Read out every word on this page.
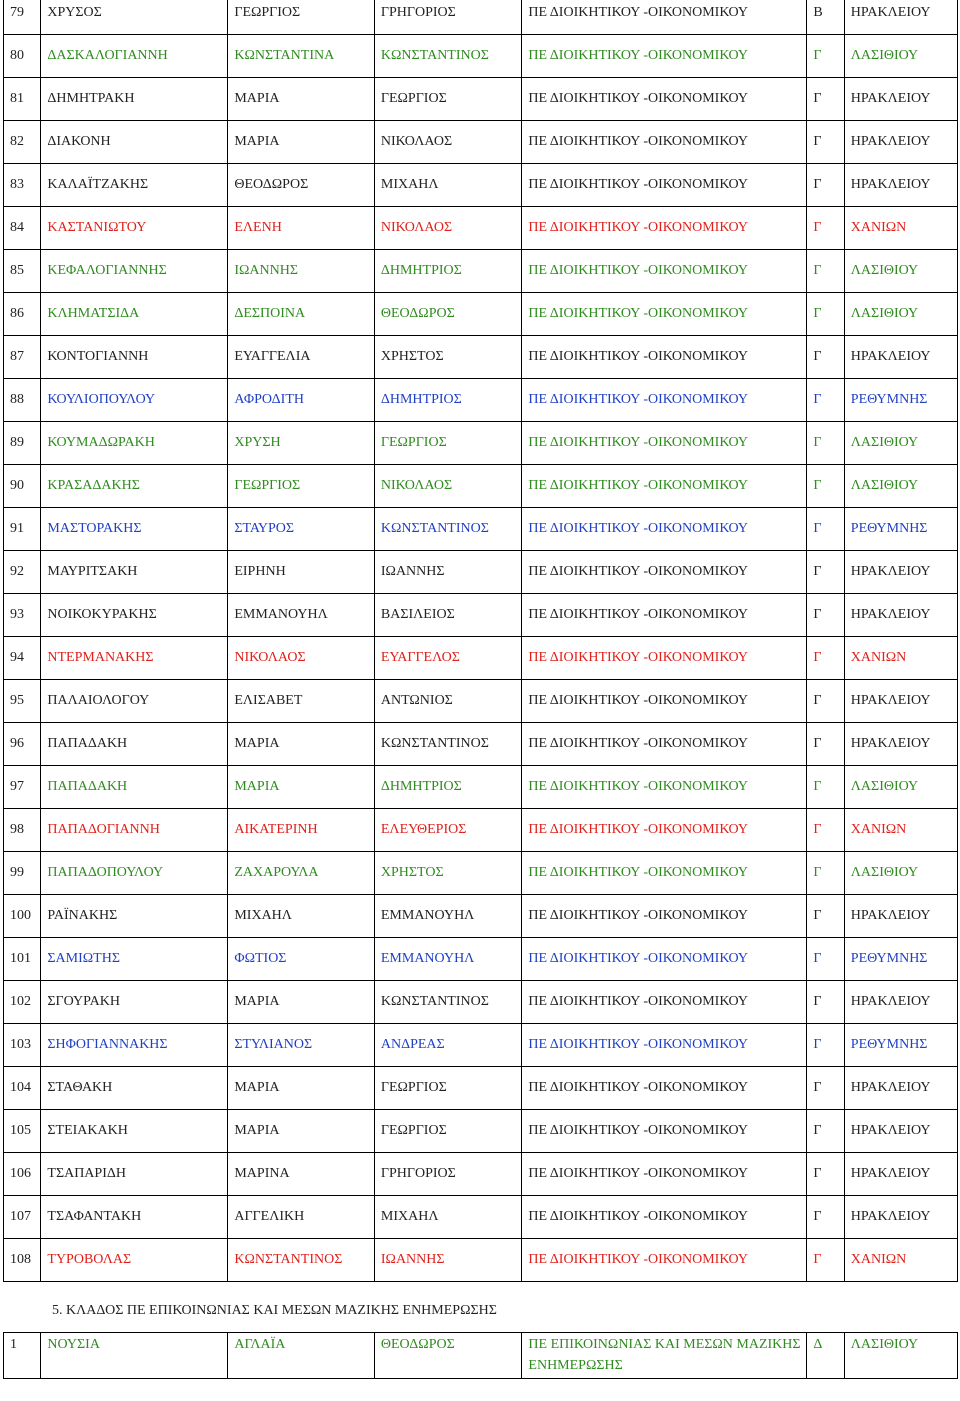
79	ΧΡΥΣΟΣ	ΓΕΩΡΓΙΟΣ	ΓΡΗΓΟΡΙΟΣ	ΠΕ ΔΙΟΙΚΗΤΙΚΟΥ -ΟΙΚΟΝΟΜΙΚΟΥ	Β	ΗΡΑΚΛΕΙΟΥ
80	ΔΑΣΚΑΛΟΓΙΑΝΝΗ	ΚΩΝΣΤΑΝΤΙΝΑ	ΚΩΝΣΤΑΝΤΙΝΟΣ	ΠΕ ΔΙΟΙΚΗΤΙΚΟΥ -ΟΙΚΟΝΟΜΙΚΟΥ	Γ	ΛΑΣΙΘΙΟΥ
81	ΔΗΜΗΤΡΑΚΗ	ΜΑΡΙΑ	ΓΕΩΡΓΙΟΣ	ΠΕ ΔΙΟΙΚΗΤΙΚΟΥ -ΟΙΚΟΝΟΜΙΚΟΥ	Γ	ΗΡΑΚΛΕΙΟΥ
82	ΔΙΑΚΟΝΗ	ΜΑΡΙΑ	ΝΙΚΟΛΑΟΣ	ΠΕ ΔΙΟΙΚΗΤΙΚΟΥ -ΟΙΚΟΝΟΜΙΚΟΥ	Γ	ΗΡΑΚΛΕΙΟΥ
83	ΚΑΛΑΪΤΖΑΚΗΣ	ΘΕΟΔΩΡΟΣ	ΜΙΧΑΗΛ	ΠΕ ΔΙΟΙΚΗΤΙΚΟΥ -ΟΙΚΟΝΟΜΙΚΟΥ	Γ	ΗΡΑΚΛΕΙΟΥ
84	ΚΑΣΤΑΝΙΩΤΟΥ	ΕΛΕΝΗ	ΝΙΚΟΛΑΟΣ	ΠΕ ΔΙΟΙΚΗΤΙΚΟΥ -ΟΙΚΟΝΟΜΙΚΟΥ	Γ	ΧΑΝΙΩΝ
85	ΚΕΦΑΛΟΓΙΑΝΝΗΣ	ΙΩΑΝΝΗΣ	ΔΗΜΗΤΡΙΟΣ	ΠΕ ΔΙΟΙΚΗΤΙΚΟΥ -ΟΙΚΟΝΟΜΙΚΟΥ	Γ	ΛΑΣΙΘΙΟΥ
86	ΚΛΗΜΑΤΣΙΔΑ	ΔΕΣΠΟΙΝΑ	ΘΕΟΔΩΡΟΣ	ΠΕ ΔΙΟΙΚΗΤΙΚΟΥ -ΟΙΚΟΝΟΜΙΚΟΥ	Γ	ΛΑΣΙΘΙΟΥ
87	ΚΟΝΤΟΓΙΑΝΝΗ	ΕΥΑΓΓΕΛΙΑ	ΧΡΗΣΤΟΣ	ΠΕ ΔΙΟΙΚΗΤΙΚΟΥ -ΟΙΚΟΝΟΜΙΚΟΥ	Γ	ΗΡΑΚΛΕΙΟΥ
88	ΚΟΥΛΙΟΠΟΥΛΟΥ	ΑΦΡΟΔΙΤΗ	ΔΗΜΗΤΡΙΟΣ	ΠΕ ΔΙΟΙΚΗΤΙΚΟΥ -ΟΙΚΟΝΟΜΙΚΟΥ	Γ	ΡΕΘΥΜΝΗΣ
89	ΚΟΥΜΑΔΩΡΑΚΗ	ΧΡΥΣΗ	ΓΕΩΡΓΙΟΣ	ΠΕ ΔΙΟΙΚΗΤΙΚΟΥ -ΟΙΚΟΝΟΜΙΚΟΥ	Γ	ΛΑΣΙΘΙΟΥ
90	ΚΡΑΣΑΔΑΚΗΣ	ΓΕΩΡΓΙΟΣ	ΝΙΚΟΛΑΟΣ	ΠΕ ΔΙΟΙΚΗΤΙΚΟΥ -ΟΙΚΟΝΟΜΙΚΟΥ	Γ	ΛΑΣΙΘΙΟΥ
91	ΜΑΣΤΟΡΑΚΗΣ	ΣΤΑΥΡΟΣ	ΚΩΝΣΤΑΝΤΙΝΟΣ	ΠΕ ΔΙΟΙΚΗΤΙΚΟΥ -ΟΙΚΟΝΟΜΙΚΟΥ	Γ	ΡΕΘΥΜΝΗΣ
92	ΜΑΥΡΙΤΣΑΚΗ	ΕΙΡΗΝΗ	ΙΩΑΝΝΗΣ	ΠΕ ΔΙΟΙΚΗΤΙΚΟΥ -ΟΙΚΟΝΟΜΙΚΟΥ	Γ	ΗΡΑΚΛΕΙΟΥ
93	ΝΟΙΚΟΚΥΡΑΚΗΣ	ΕΜΜΑΝΟΥΗΛ	ΒΑΣΙΛΕΙΟΣ	ΠΕ ΔΙΟΙΚΗΤΙΚΟΥ -ΟΙΚΟΝΟΜΙΚΟΥ	Γ	ΗΡΑΚΛΕΙΟΥ
94	ΝΤΕΡΜΑΝΑΚΗΣ	ΝΙΚΟΛΑΟΣ	ΕΥΑΓΓΕΛΟΣ	ΠΕ ΔΙΟΙΚΗΤΙΚΟΥ -ΟΙΚΟΝΟΜΙΚΟΥ	Γ	ΧΑΝΙΩΝ
95	ΠΑΛΑΙΟΛΟΓΟΥ	ΕΛΙΣΑΒΕΤ	ΑΝΤΩΝΙΟΣ	ΠΕ ΔΙΟΙΚΗΤΙΚΟΥ -ΟΙΚΟΝΟΜΙΚΟΥ	Γ	ΗΡΑΚΛΕΙΟΥ
96	ΠΑΠΑΔΑΚΗ	ΜΑΡΙΑ	ΚΩΝΣΤΑΝΤΙΝΟΣ	ΠΕ ΔΙΟΙΚΗΤΙΚΟΥ -ΟΙΚΟΝΟΜΙΚΟΥ	Γ	ΗΡΑΚΛΕΙΟΥ
97	ΠΑΠΑΔΑΚΗ	ΜΑΡΙΑ	ΔΗΜΗΤΡΙΟΣ	ΠΕ ΔΙΟΙΚΗΤΙΚΟΥ -ΟΙΚΟΝΟΜΙΚΟΥ	Γ	ΛΑΣΙΘΙΟΥ
98	ΠΑΠΑΔΟΓΙΑΝΝΗ	ΑΙΚΑΤΕΡΙΝΗ	ΕΛΕΥΘΕΡΙΟΣ	ΠΕ ΔΙΟΙΚΗΤΙΚΟΥ -ΟΙΚΟΝΟΜΙΚΟΥ	Γ	ΧΑΝΙΩΝ
99	ΠΑΠΑΔΟΠΟΥΛΟΥ	ΖΑΧΑΡΟΥΛΑ	ΧΡΗΣΤΟΣ	ΠΕ ΔΙΟΙΚΗΤΙΚΟΥ -ΟΙΚΟΝΟΜΙΚΟΥ	Γ	ΛΑΣΙΘΙΟΥ
100	ΡΑΪΝΑΚΗΣ	ΜΙΧΑΗΛ	ΕΜΜΑΝΟΥΗΛ	ΠΕ ΔΙΟΙΚΗΤΙΚΟΥ -ΟΙΚΟΝΟΜΙΚΟΥ	Γ	ΗΡΑΚΛΕΙΟΥ
101	ΣΑΜΙΩΤΗΣ	ΦΩΤΙΟΣ	ΕΜΜΑΝΟΥΗΛ	ΠΕ ΔΙΟΙΚΗΤΙΚΟΥ -ΟΙΚΟΝΟΜΙΚΟΥ	Γ	ΡΕΘΥΜΝΗΣ
102	ΣΓΟΥΡΑΚΗ	ΜΑΡΙΑ	ΚΩΝΣΤΑΝΤΙΝΟΣ	ΠΕ ΔΙΟΙΚΗΤΙΚΟΥ -ΟΙΚΟΝΟΜΙΚΟΥ	Γ	ΗΡΑΚΛΕΙΟΥ
103	ΣΗΦΟΓΙΑΝΝΑΚΗΣ	ΣΤΥΛΙΑΝΟΣ	ΑΝΔΡΕΑΣ	ΠΕ ΔΙΟΙΚΗΤΙΚΟΥ -ΟΙΚΟΝΟΜΙΚΟΥ	Γ	ΡΕΘΥΜΝΗΣ
104	ΣΤΑΘΑΚΗ	ΜΑΡΙΑ	ΓΕΩΡΓΙΟΣ	ΠΕ ΔΙΟΙΚΗΤΙΚΟΥ -ΟΙΚΟΝΟΜΙΚΟΥ	Γ	ΗΡΑΚΛΕΙΟΥ
105	ΣΤΕΙΑΚΑΚΗ	ΜΑΡΙΑ	ΓΕΩΡΓΙΟΣ	ΠΕ ΔΙΟΙΚΗΤΙΚΟΥ -ΟΙΚΟΝΟΜΙΚΟΥ	Γ	ΗΡΑΚΛΕΙΟΥ
106	ΤΣΑΠΑΡΙΔΗ	ΜΑΡΙΝΑ	ΓΡΗΓΟΡΙΟΣ	ΠΕ ΔΙΟΙΚΗΤΙΚΟΥ -ΟΙΚΟΝΟΜΙΚΟΥ	Γ	ΗΡΑΚΛΕΙΟΥ
107	ΤΣΑΦΑΝΤΑΚΗ	ΑΓΓΕΛΙΚΗ	ΜΙΧΑΗΛ	ΠΕ ΔΙΟΙΚΗΤΙΚΟΥ -ΟΙΚΟΝΟΜΙΚΟΥ	Γ	ΗΡΑΚΛΕΙΟΥ
108	ΤΥΡΟΒΟΛΑΣ	ΚΩΝΣΤΑΝΤΙΝΟΣ	ΙΩΑΝΝΗΣ	ΠΕ ΔΙΟΙΚΗΤΙΚΟΥ -ΟΙΚΟΝΟΜΙΚΟΥ	Γ	ΧΑΝΙΩΝ
5. ΚΛΑΔΟΣ ΠΕ ΕΠΙΚΟΙΝΩΝΙΑΣ ΚΑΙ ΜΕΣΩΝ ΜΑΖΙΚΗΣ ΕΝΗΜΕΡΩΣΗΣ
1	ΝΟΥΣΙΑ	ΑΓΛΑΪΑ	ΘΕΟΔΩΡΟΣ	ΠΕ ΕΠΙΚΟΙΝΩΝΙΑΣ ΚΑΙ ΜΕΣΩΝ ΜΑΖΙΚΗΣ ΕΝΗΜΕΡΩΣΗΣ	Δ	ΛΑΣΙΘΙΟΥ
